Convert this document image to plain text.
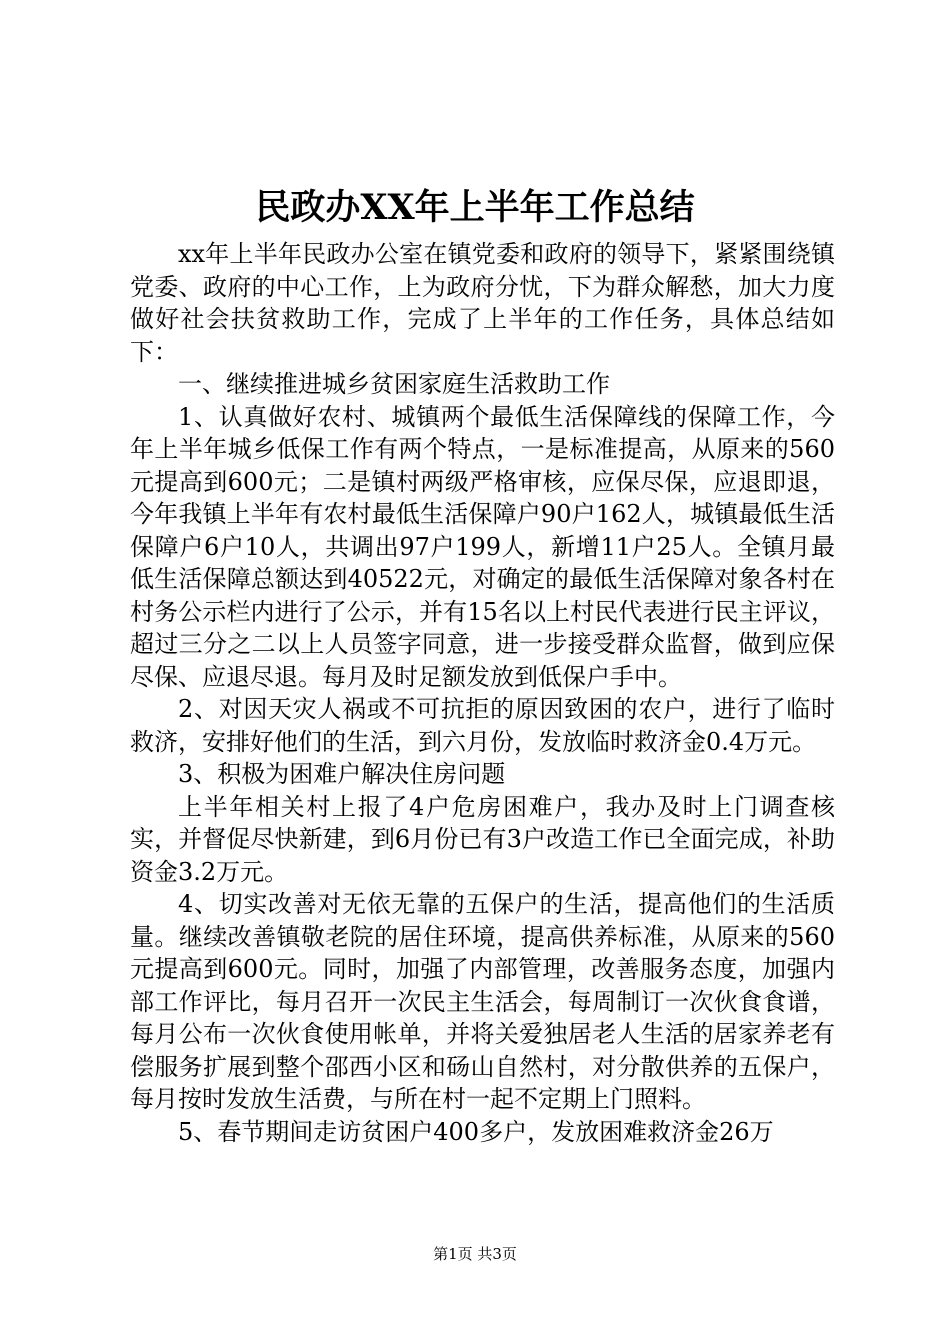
民政办XX年上半年工作总结

xx年上半年民政办公室在镇党委和政府的领导下，紧紧围绕镇党委、政府的中心工作，上为政府分忧，下为群众解愁，加大力度做好社会扶贫救助工作，完成了上半年的工作任务，具体总结如下：

一、继续推进城乡贫困家庭生活救助工作

1、认真做好农村、城镇两个最低生活保障线的保障工作，今年上半年城乡低保工作有两个特点，一是标准提高，从原来的560元提高到600元；二是镇村两级严格审核，应保尽保，应退即退，今年我镇上半年有农村最低生活保障户90户162人，城镇最低生活保障户6户10人，共调出97户199人，新增11户25人。全镇月最低生活保障总额达到40522元，对确定的最低生活保障对象各村在村务公示栏内进行了公示，并有15名以上村民代表进行民主评议，超过三分之二以上人员签字同意，进一步接受群众监督，做到应保尽保、应退尽退。每月及时足额发放到低保户手中。

2、对因天灾人祸或不可抗拒的原因致困的农户，进行了临时救济，安排好他们的生活，到六月份，发放临时救济金0.4万元。

3、积极为困难户解决住房问题

上半年相关村上报了4户危房困难户，我办及时上门调查核实，并督促尽快新建，到6月份已有3户改造工作已全面完成，补助资金3.2万元。

4、切实改善对无依无靠的五保户的生活，提高他们的生活质量。继续改善镇敬老院的居住环境，提高供养标准，从原来的560元提高到600元。同时，加强了内部管理，改善服务态度，加强内部工作评比，每月召开一次民主生活会，每周制订一次伙食食谱，每月公布一次伙食使用帐单，并将关爱独居老人生活的居家养老有偿服务扩展到整个邵西小区和砀山自然村，对分散供养的五保户，每月按时发放生活费，与所在村一起不定期上门照料。

5、春节期间走访贫困户400多户，发放困难救济金26万

第1页 共3页
